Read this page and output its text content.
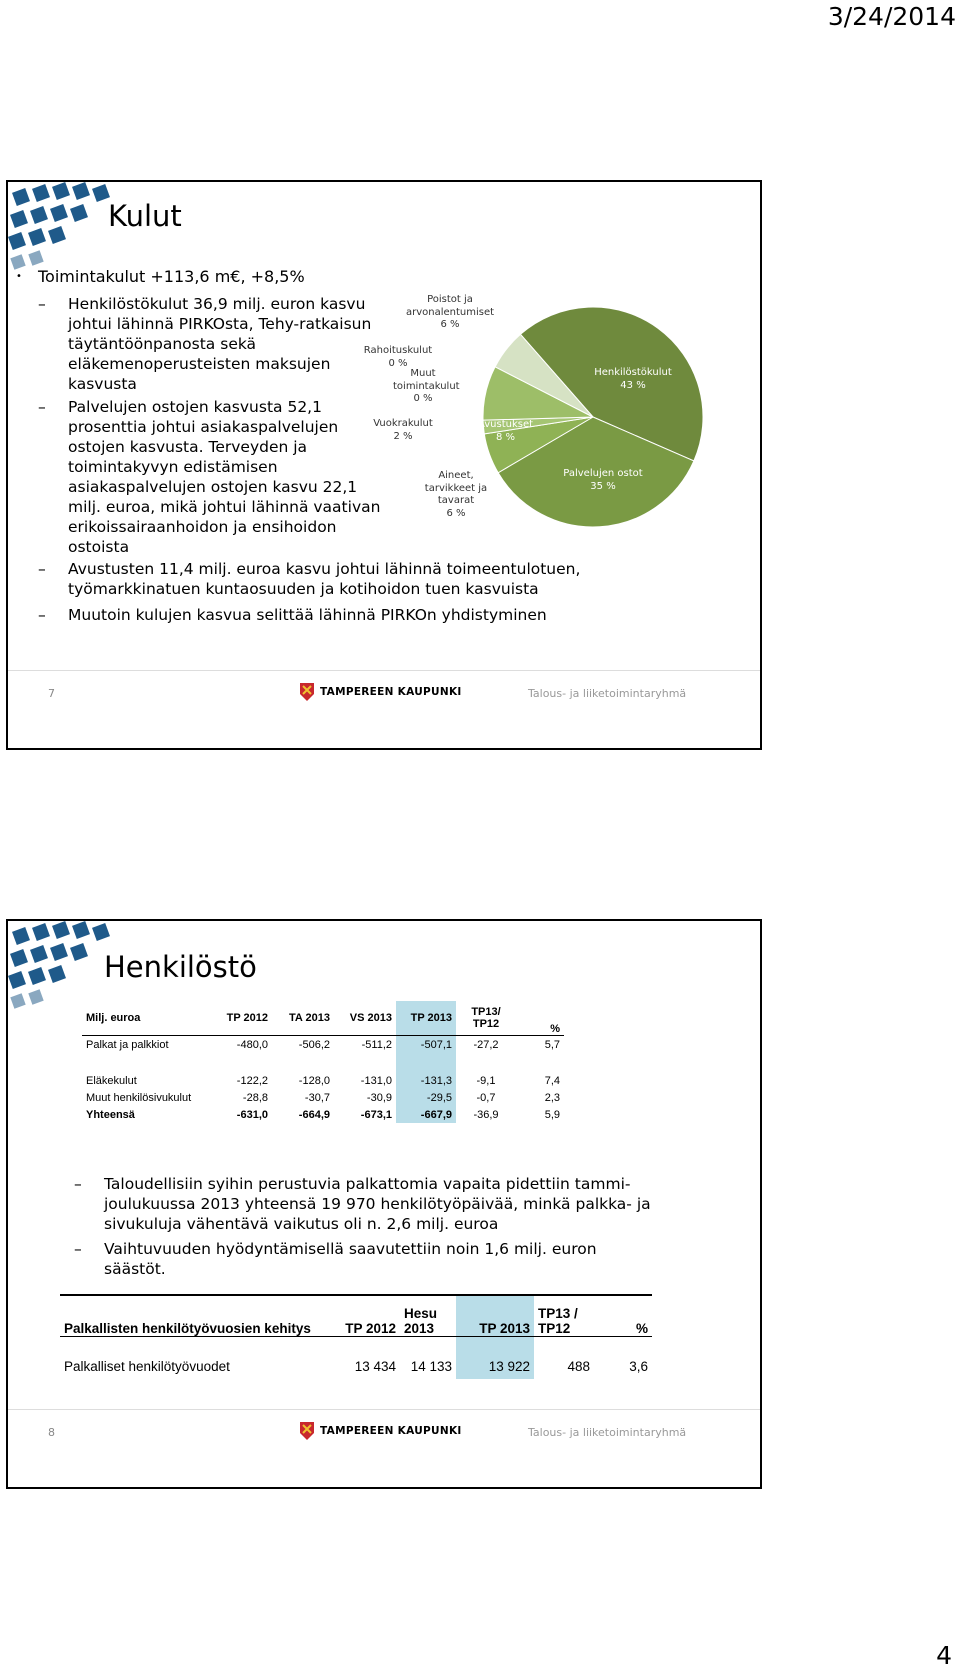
3/24/2014
Kulut
• Toimintakulut +113,6 m€, +8,5%
– Henkilöstökulut 36,9 milj. euron kasvu johtui lähinnä PIRKOsta, Tehy-ratkaisun täytäntöönpanosta sekä eläkemenoperusteisten maksujen kasvusta
– Palvelujen ostojen kasvusta 52,1 prosenttia johtui asiakaspalvelujen ostojen kasvusta. Terveyden ja toimintakyvyn edistämisen asiakaspalvelujen ostojen kasvu 22,1 milj. euroa, mikä johtui lähinnä vaativan erikoissairaanhoidon ja ensihoidon ostoista
– Avustusten 11,4 milj. euroa kasvu johtui lähinnä toimeentulotuen, työmarkkinatuen kuntaosuuden ja kotihoidon tuen kasvuista
– Muutoin kulujen kasvua selittää lähinnä PIRKOn yhdistyminen
Poistot ja arvonalentumiset
6 %
Rahoituskulut
0 %
Muut toimintakulut
0 %
Vuokrakulut
2 %
Aineet, tarvikkeet ja tavarat
6 %
Avustukset
8 %
Henkilöstökulut
43 %
Palvelujen ostot
35 %
7	TAMPEREEN KAUPUNKI	Talous- ja liiketoimintaryhmä
Henkilöstö
Milj. euroa	TP 2012	TA 2013	VS 2013	TP 2013	TP13/ TP12	%
Palkat ja palkkiot	-480,0	-506,2	-511,2	-507,1	-27,2	5,7

Eläkekulut	-122,2	-128,0	-131,0	-131,3	-9,1	7,4
Muut henkilösivukulut	-28,8	-30,7	-30,9	-29,5	-0,7	2,3
Yhteensä	-631,0	-664,9	-673,1	-667,9	-36,9	5,9
– Taloudellisiin syihin perustuvia palkattomia vapaita pidettiin tammi-joulukuussa 2013 yhteensä 19 970 henkilötyöpäivää, minkä palkka- ja sivukuluja vähentävä vaikutus oli n. 2,6 milj. euroa
– Vaihtuvuuden hyödyntämisellä saavutettiin noin 1,6 milj. euron säästöt.
Palkallisten henkilötyövuosien kehitys	TP 2012	Hesu 2013	TP 2013	TP13 / TP12	%

Palkalliset henkilötyövuodet	13 434	14 133	13 922	488	3,6
8	TAMPEREEN KAUPUNKI	Talous- ja liiketoimintaryhmä
4
